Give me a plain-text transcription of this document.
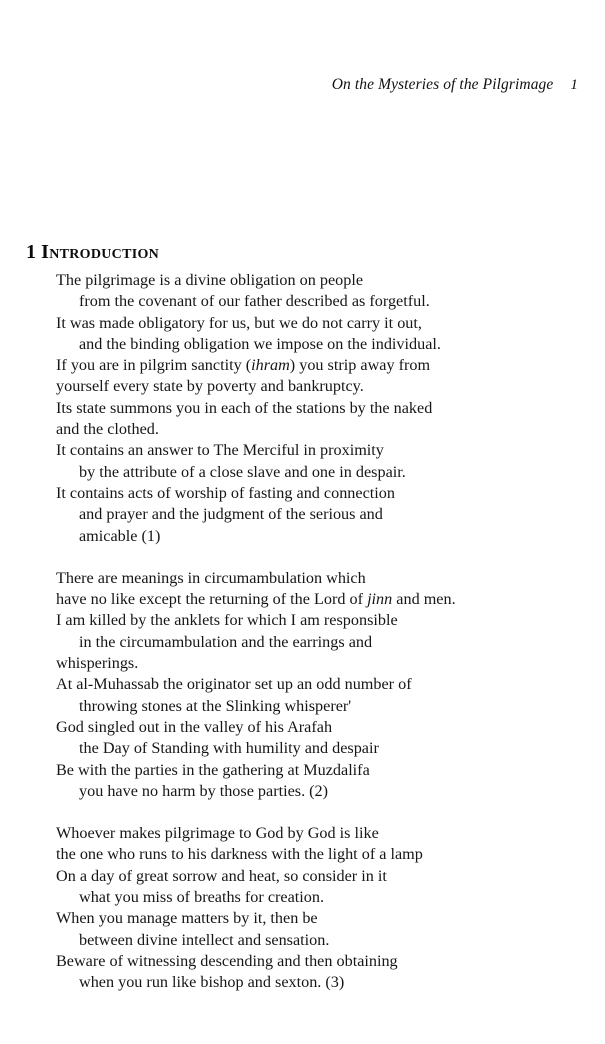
On the Mysteries of the Pilgrimage 1
1 Introduction

The pilgrimage is a divine obligation on people

from the covenant of our father described as forgetful.

It was made obligatory for us, but we do not carry it out,

and the binding obligation we impose on the individual.

If you are in pilgrim sanctity (ihram) you strip away from

yourself every state by poverty and bankruptcy.

Its state summons you in each of the stations by the naked

and the clothed.

It contains an answer to The Merciful in proximity

by the attribute of a close slave and one in despair.

It contains acts of worship of fasting and connection

and prayer and the judgment of the serious and

amicable (1)

There are meanings in circumambulation which

have no like except the returning of the Lord of jinn and men.

I am killed by the anklets for which I am responsible

in the circumambulation and the earrings and

whisperings.

At al-Muhassab the originator set up an odd number of

throwing stones at the Slinking whisperer'

God singled out in the valley of his Arafah

the Day of Standing with humility and despair

Be with the parties in the gathering at Muzdalifa

you have no harm by those parties. (2)

Whoever makes pilgrimage to God by God is like

the one who runs to his darkness with the light of a lamp

On a day of great sorrow and heat, so consider in it

what you miss of breaths for creation.

When you manage matters by it, then be

between divine intellect and sensation.

Beware of witnessing descending and then obtaining

when you run like bishop and sexton. (3)
